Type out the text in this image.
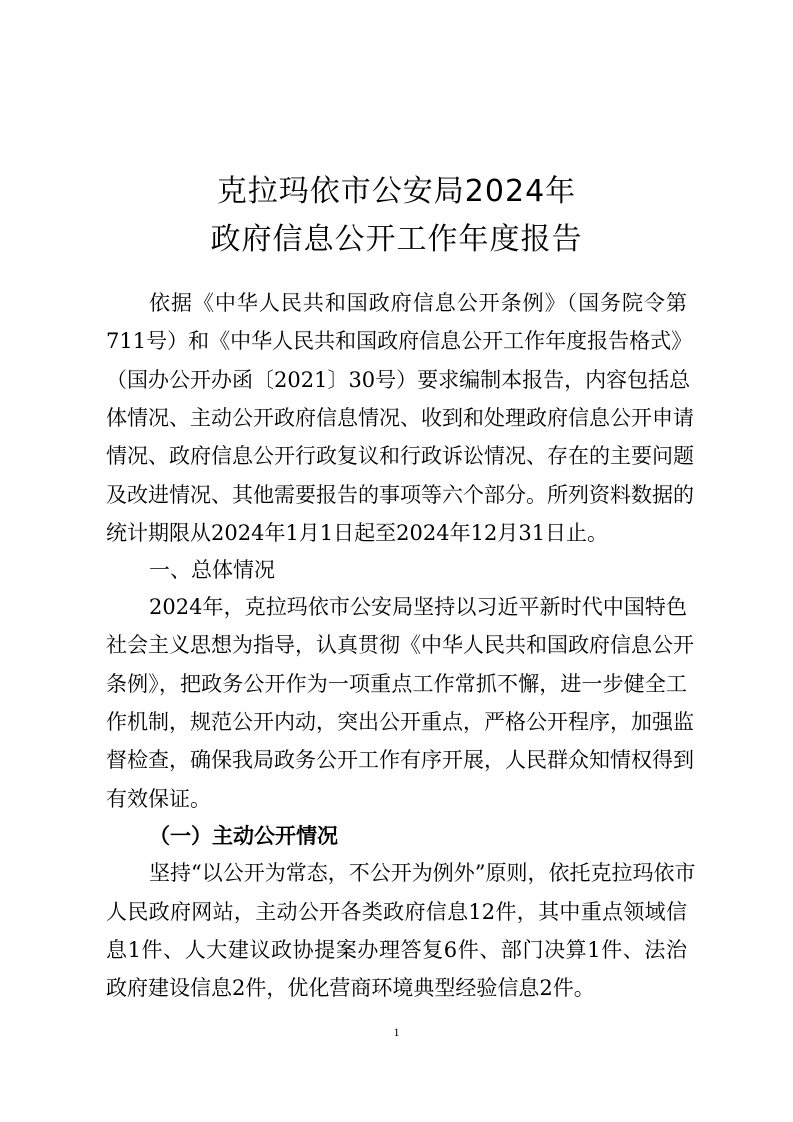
克拉玛依市公安局2024年
政府信息公开工作年度报告

依据《中华人民共和国政府信息公开条例》（国务院令第

711号）和《中华人民共和国政府信息公开工作年度报告格式》

（国办公开办函〔2021〕30号）要求编制本报告，内容包括总

体情况、主动公开政府信息情况、收到和处理政府信息公开申请

情况、政府信息公开行政复议和行政诉讼情况、存在的主要问题

及改进情况、其他需要报告的事项等六个部分。所列资料数据的

统计期限从2024年1月1日起至2024年12月31日止。

一、总体情况

2024年，克拉玛依市公安局坚持以习近平新时代中国特色

社会主义思想为指导，认真贯彻《中华人民共和国政府信息公开

条例》，把政务公开作为一项重点工作常抓不懈，进一步健全工

作机制，规范公开内动，突出公开重点，严格公开程序，加强监

督检查，确保我局政务公开工作有序开展，人民群众知情权得到

有效保证。

（一）主动公开情况

坚持“以公开为常态，不公开为例外”原则，依托克拉玛依市

人民政府网站，主动公开各类政府信息12件，其中重点领域信

息1件、人大建议政协提案办理答复6件、部门决算1件、法治

政府建设信息2件，优化营商环境典型经验信息2件。

1
